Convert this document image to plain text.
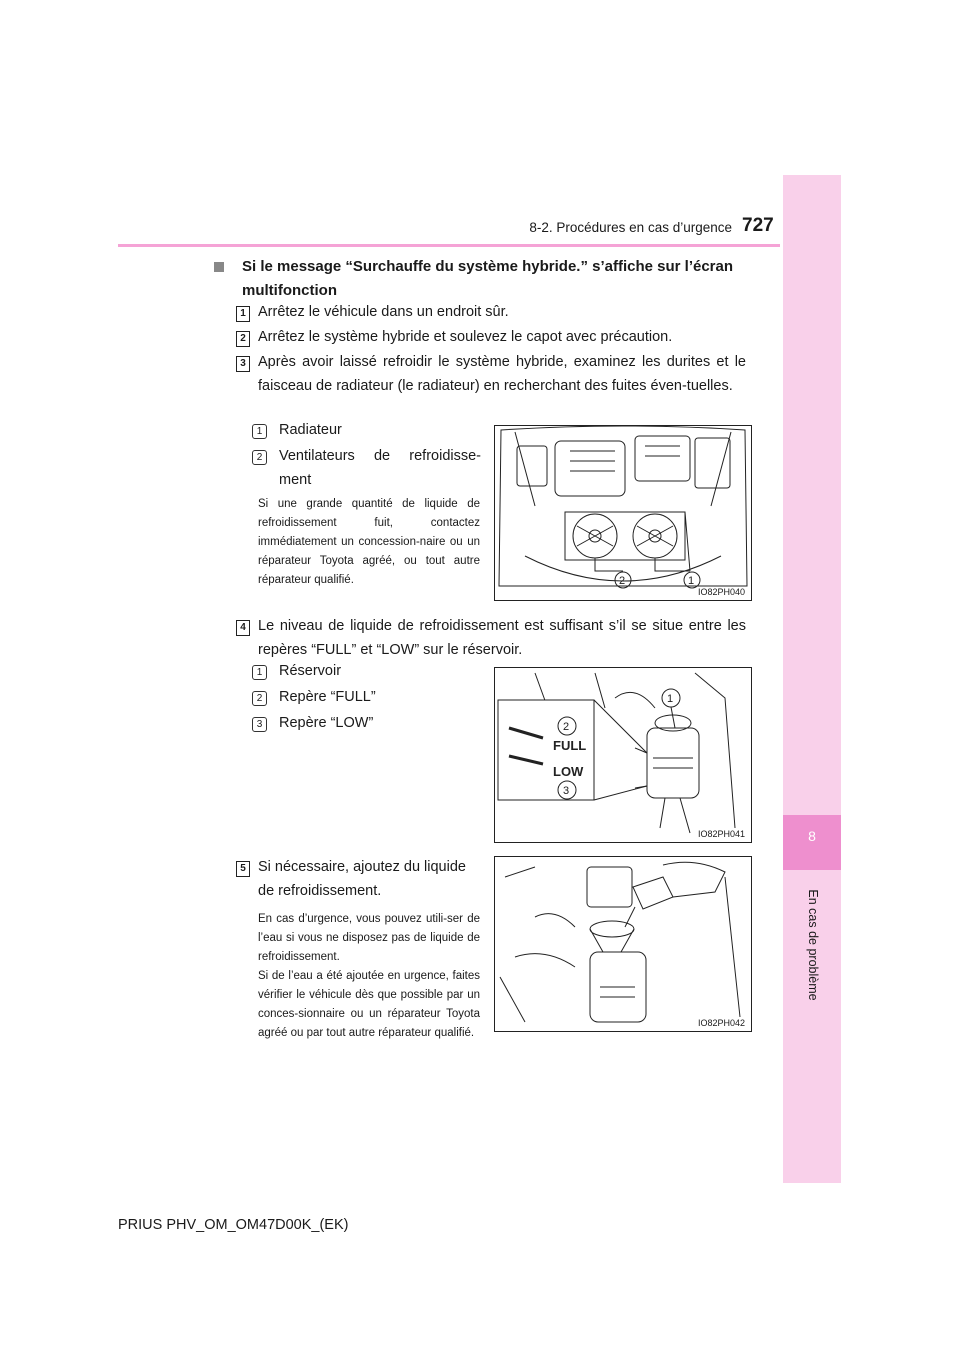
8-2. Procédures en cas d’urgence 727
8
En cas de problème
Si le message “Surchauffe du système hybride.” s’affiche sur l’écran multifonction
1 Arrêtez le véhicule dans un endroit sûr.
2 Arrêtez le système hybride et soulevez le capot avec précaution.
3 Après avoir laissé refroidir le système hybride, examinez les durites et le faisceau de radiateur (le radiateur) en recherchant des fuites éven-tuelles.
1	Radiateur
2	Ventilateurs de refroidisse-ment
Si une grande quantité de liquide de refroidissement fuit, contactez immédiatement un concession-naire ou un réparateur Toyota agréé, ou tout autre réparateur qualifié.	2	1
IO82PH040
4 Le niveau de liquide de refroidissement est suffisant s’il se situe entre les repères “FULL” et “LOW” sur le réservoir.
1	Réservoir
2	Repère “FULL”
3	Repère “LOW”
1
2
3
FULL
LOW
IO82PH041
5 Si nécessaire, ajoutez du liquide de refroidissement.
En cas d’urgence, vous pouvez utili-ser de l’eau si vous ne disposez pas de liquide de refroidissement.
Si de l’eau a été ajoutée en urgence, faites vérifier le véhicule dès que possible par un conces-sionnaire ou un réparateur Toyota agréé ou par tout autre réparateur qualifié.
IO82PH042
PRIUS PHV_OM_OM47D00K_(EK)
